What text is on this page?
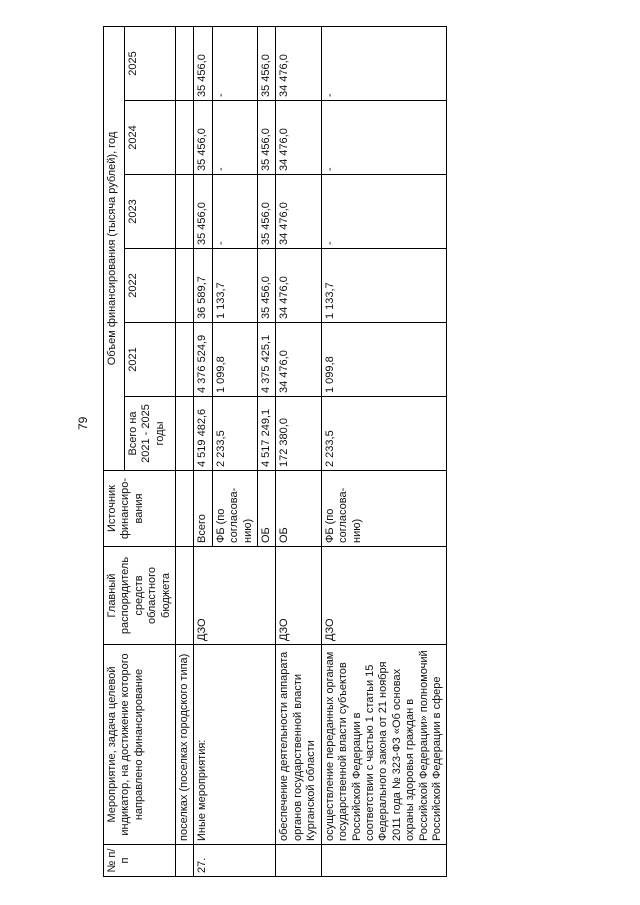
79
№ п/п	Мероприятие, задача целевой индикатор, на достижение которого направлено финансирование	Главный распорядитель средств областного бюджета	Источник финансиро-вания	Объем финансирования (тысяча рублей), год					
				Всего на 2021 - 2025 годы	2021	2022	2023	2024	2025
	поселках (поселках городского типа)								
27.	Иные мероприятия:	ДЗО	Всего	4 519 482,6	4 376 524,9	36 589,7	35 456,0	35 456,0	35 456,0
			ФБ (по согласова-нию)	2 233,5	1 099,8	1 133,7	-	-	-
			ОБ	4 517 249,1	4 375 425,1	35 456,0	35 456,0	35 456,0	35 456,0
	обеспечение деятельности аппарата органов государственной власти Курганской области	ДЗО	ОБ	172 380,0	34 476,0	34 476,0	34 476,0	34 476,0	34 476,0
	осуществление переданных органам государственной власти субъектов Российской Федерации в соответствии с частью 1 статьи 15 Федерального закона от 21 ноября 2011 года № 323-ФЗ «Об основах охраны здоровья граждан в Российской Федерации» полномочий Российской Федерации в сфере	ДЗО	ФБ (по согласова-нию)	2 233,5	1 099,8	1 133,7	-	-	-
